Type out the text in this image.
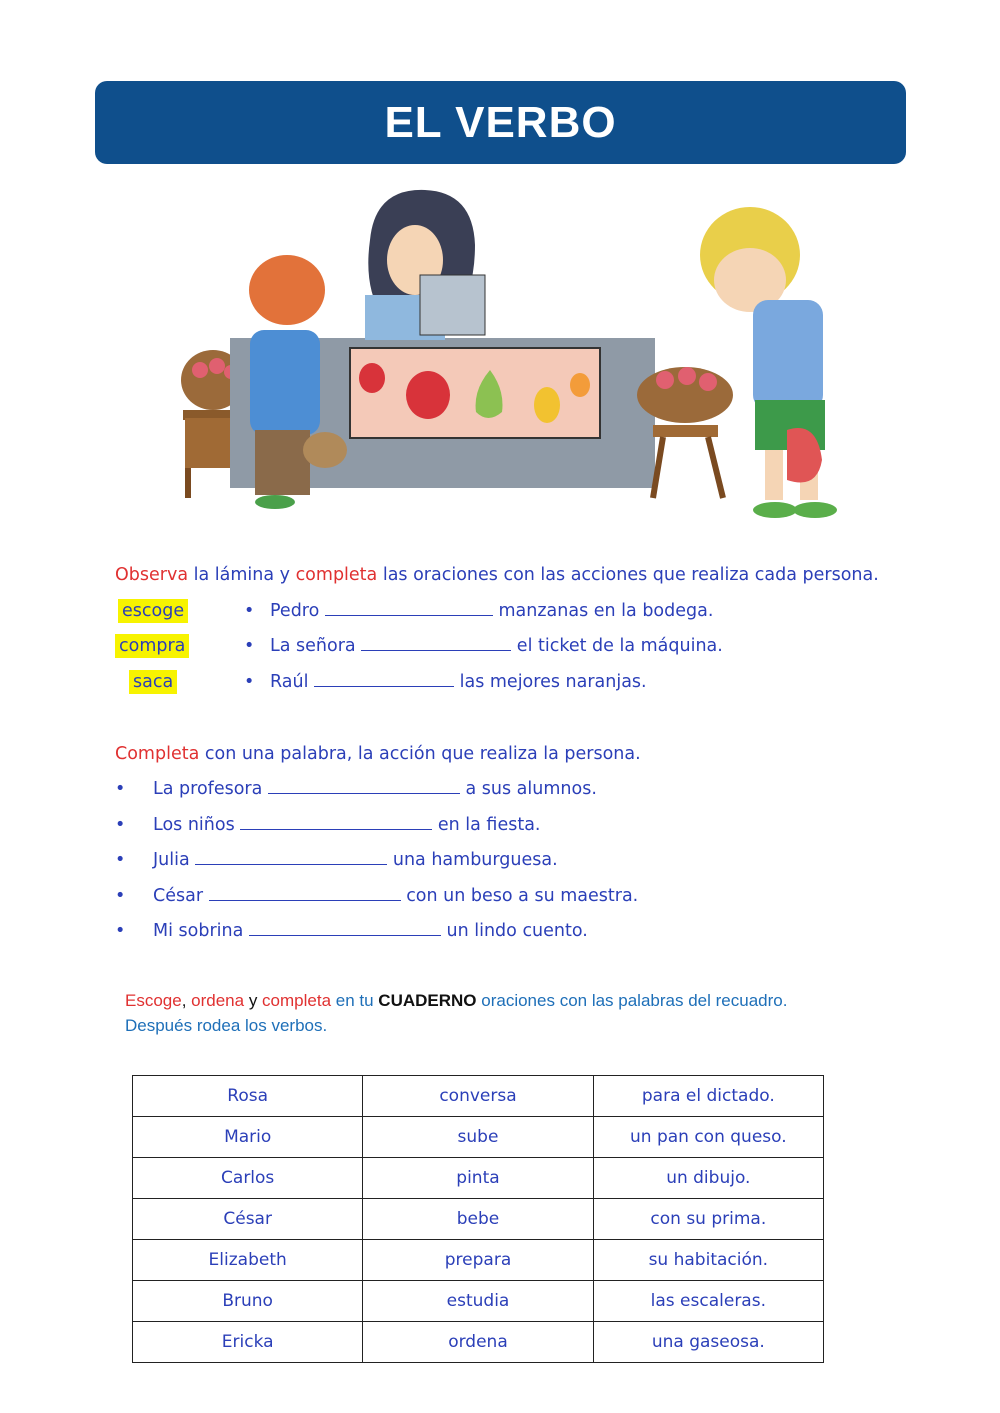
EL VERBO
Observa la lámina y completa las oraciones con las acciones que realiza cada persona.
escoge
compra
saca
• Pedro	manzanas en la bodega.
• La señora	el ticket de la máquina.
• Raúl	las mejores naranjas.
Completa con una palabra, la acción que realiza la persona.
• La profesora	a sus alumnos.
• Los niños	en la fiesta.
• Julia	una hamburguesa.
• César	con un beso a su maestra.
• Mi sobrina	un lindo cuento.
Escoge, ordena y completa en tu CUADERNO oraciones con las palabras del recuadro. Después rodea los verbos.
Rosa	conversa	para el dictado.
Mario	sube	un pan con queso.
Carlos	pinta	un dibujo.
César	bebe	con su prima.
Elizabeth	prepara	su habitación.
Bruno	estudia	las escaleras.
Ericka	ordena	una gaseosa.
